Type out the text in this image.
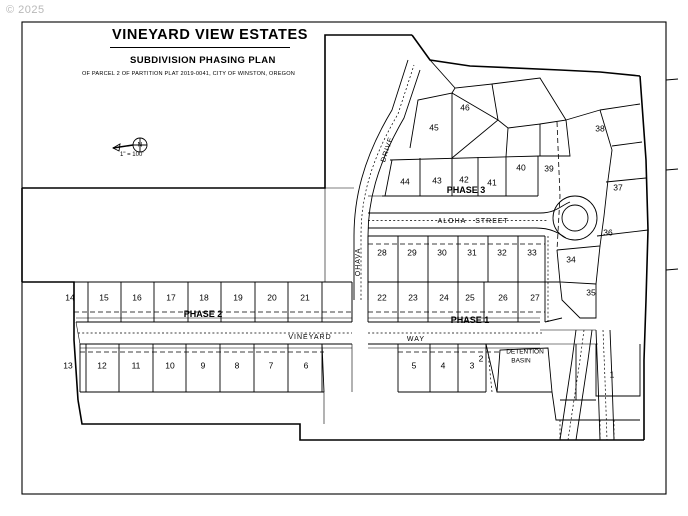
© 2025
1
2
3
4
5
6
7
8
9
10
11
12
13
14	15	16	17	18	19	20	21	22	23	24 25	26	27
28 29 30 31 32 33
34
35
36
37
38
39
40
41
42
43
44
45
46
PHASE 1
PHASE 2
PHASE 3
ALOHA STREET
VINEYARD	WAY
OHAVA
DRIVE
DETENTION
BASIN
N
VINEYARD VIEW ESTATES
SUBDIVISION PHASING PLAN
OF PARCEL 2 OF PARTITION PLAT 2019-0041, CITY OF WINSTON, OREGON
1" = 100'
